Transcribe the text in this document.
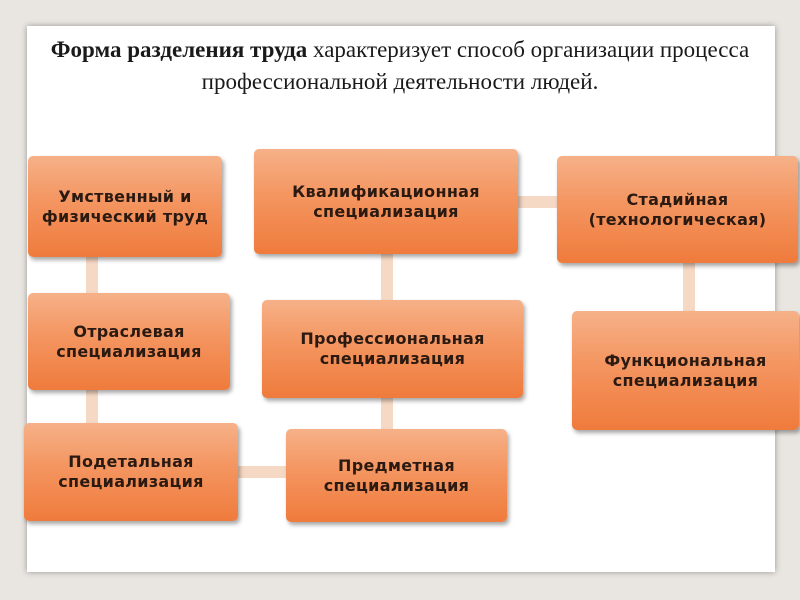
Форма разделения труда характеризует способ организации процесса профессиональной деятельности людей.
Умственный и физический труд
Квалификационная специализация
Стадийная (технологическая)
Отраслевая специализация
Профессиональная специализация	Функциональная специализация
Подетальная специализация
Предметная специализация
